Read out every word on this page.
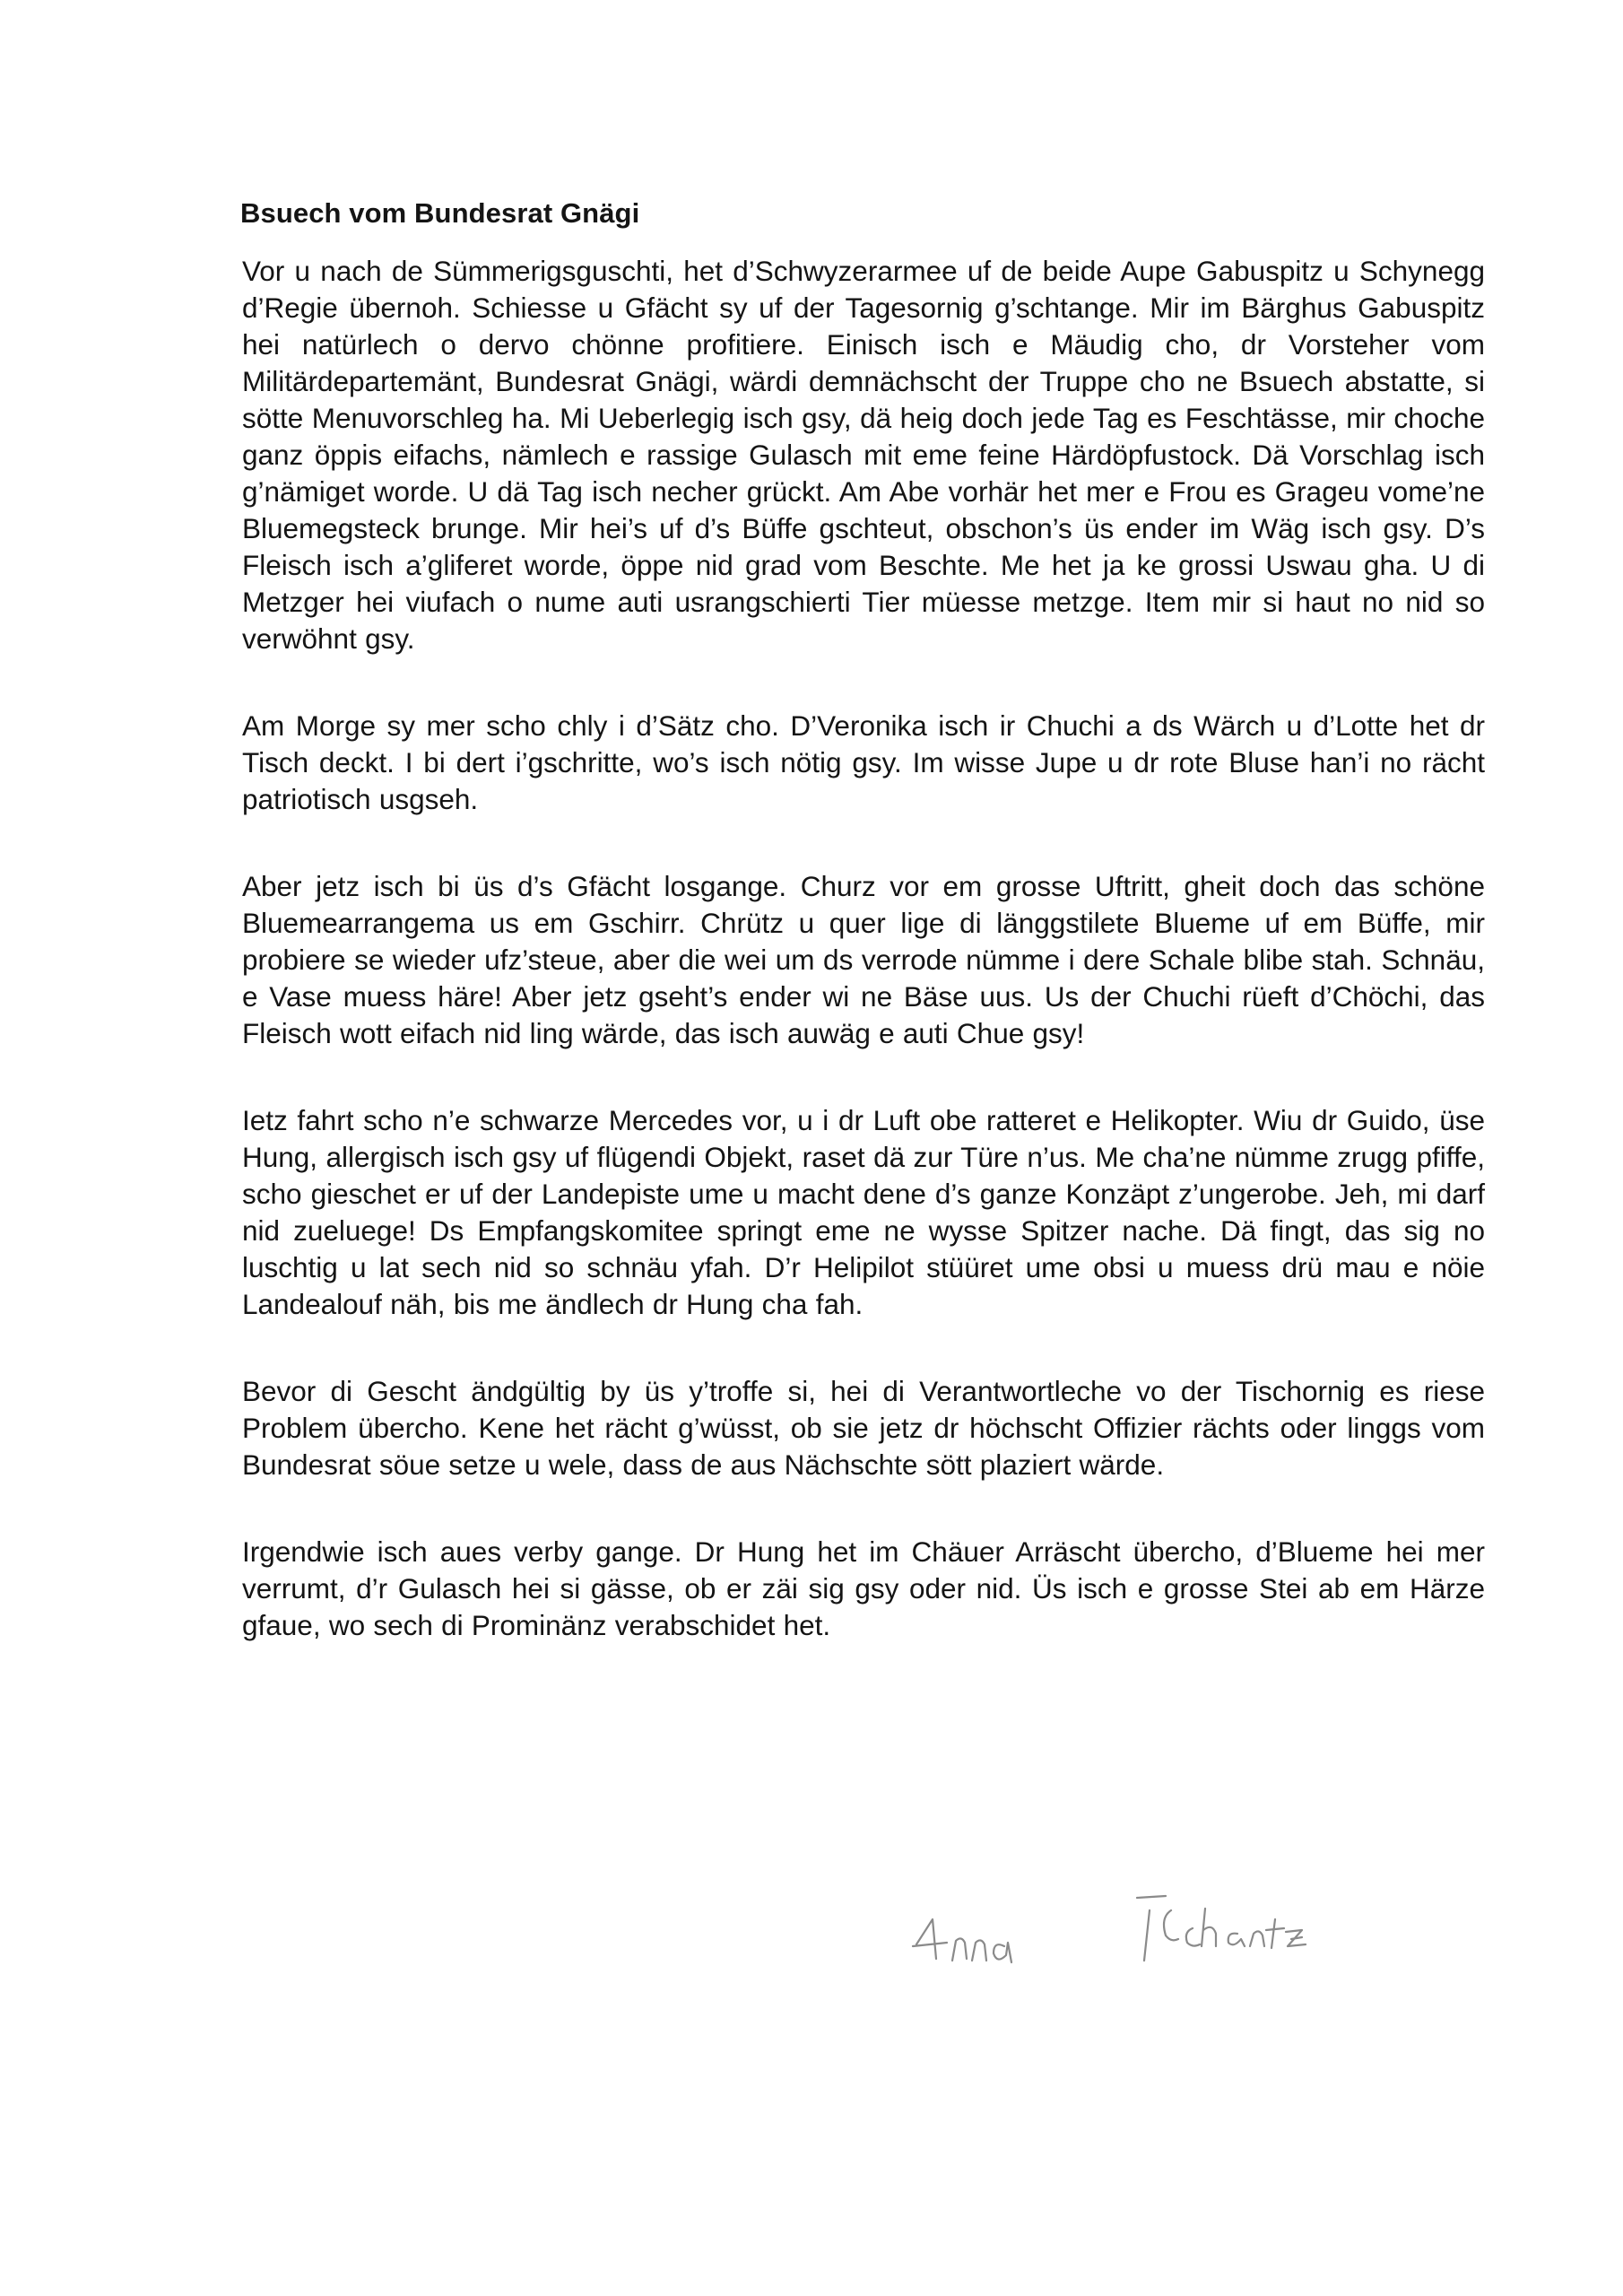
Bsuech vom Bundesrat Gnägi

Vor u nach de Sümmerigsguschti, het d’Schwyzerarmee uf de beide Aupe Gabuspitz u Schynegg d’Regie übernoh. Schiesse u Gfächt sy uf der Tagesornig g’schtange. Mir im Bärghus Gabuspitz hei natürlech o dervo chönne profitiere. Einisch isch e Mäudig cho, dr Vorsteher vom Militärdepartemänt, Bundesrat Gnägi, wärdi demnächscht der Truppe cho ne Bsuech abstatte, si sötte Menuvorschleg ha. Mi Ueberlegig isch gsy, dä heig doch jede Tag es Feschtässe, mir choche ganz öppis eifachs, nämlech e rassige Gulasch mit eme feine Härdöpfustock. Dä Vorschlag isch g’nämiget worde. U dä Tag isch necher grückt. Am Abe vorhär het mer e Frou es Grageu vome’ne Bluemegsteck brunge. Mir hei’s uf d’s Büffe gschteut, obschon’s üs ender im Wäg isch gsy. D’s Fleisch isch a’gliferet worde, öppe nid grad vom Beschte. Me het ja ke grossi Uswau gha. U di Metzger hei viufach o nume auti usrangschierti Tier müesse metzge. Item mir si haut no nid so verwöhnt gsy.

Am Morge sy mer scho chly i d’Sätz cho. D’Veronika isch ir Chuchi a ds Wärch u d’Lotte het dr Tisch deckt. I bi dert i’gschritte, wo’s isch nötig gsy. Im wisse Jupe u dr rote Bluse han’i no rächt patriotisch usgseh.

Aber jetz isch bi üs d’s Gfächt losgange. Churz vor em grosse Uftritt, gheit doch das schöne Bluemearrangema us em Gschirr. Chrütz u quer lige di länggstilete Blueme uf em Büffe, mir probiere se wieder ufz’steue, aber die wei um ds verrode nümme i dere Schale blibe stah. Schnäu, e Vase muess häre! Aber jetz gseht’s ender wi ne Bäse uus. Us der Chuchi rüeft d’Chöchi, das Fleisch wott eifach nid ling wärde, das isch auwäg e auti Chue gsy!

Ietz fahrt scho n’e schwarze Mercedes vor, u i dr Luft obe ratteret e Helikopter. Wiu dr Guido, üse Hung, allergisch isch gsy uf flügendi Objekt, raset dä zur Türe n’us. Me cha’ne nümme zrugg pfiffe, scho gieschet er uf der Landepiste ume u macht dene d’s ganze Konzäpt z’ungerobe. Jeh, mi darf nid zueluege! Ds Empfangskomitee springt eme ne wysse Spitzer nache. Dä fingt, das sig no luschtig u lat sech nid so schnäu yfah. D’r Helipilot stüüret ume obsi u muess drü mau e nöie Landealouf näh, bis me ändlech dr Hung cha fah.

Bevor di Gescht ändgültig by üs y’troffe si, hei di Verantwortleche vo der Tischornig es riese Problem übercho. Kene het rächt g’wüsst, ob sie jetz dr höchscht Offizier rächts oder linggs vom Bundesrat söue setze u wele, dass de aus Nächschte sött plaziert wärde.

Irgendwie isch aues verby gange. Dr Hung het im Chäuer Arräscht übercho, d’Blueme hei mer verrumt, d’r Gulasch hei si gässe, ob er zäi sig gsy oder nid. Üs isch e grosse Stei ab em Härze gfaue, wo sech di Prominänz verabschidet het.
